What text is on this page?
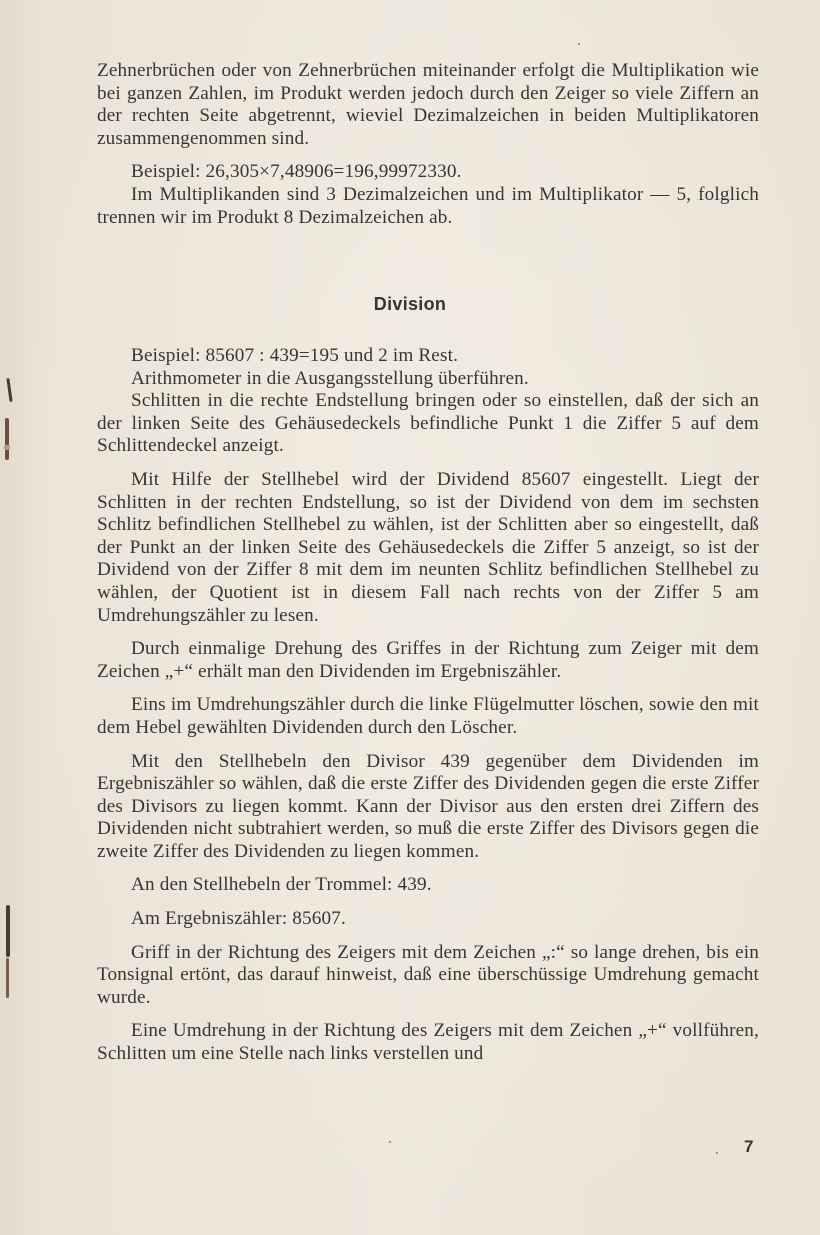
Zehnerbrüchen oder von Zehnerbrüchen miteinander erfolgt die Multiplikation wie bei ganzen Zahlen, im Produkt werden jedoch durch den Zeiger so viele Ziffern an der rechten Seite abgetrennt, wieviel Dezimalzeichen in beiden Multiplikatoren zusammengenommen sind.

Beispiel: 26,305×7,48906=196,99972330.

Im Multiplikanden sind 3 Dezimalzeichen und im Multiplikator — 5, folglich trennen wir im Produkt 8 Dezimalzeichen ab.

Division

Beispiel: 85607 : 439=195 und 2 im Rest.

Arithmometer in die Ausgangsstellung überführen.

Schlitten in die rechte Endstellung bringen oder so einstellen, daß der sich an der linken Seite des Gehäusedeckels befindliche Punkt 1 die Ziffer 5 auf dem Schlittendeckel anzeigt.

Mit Hilfe der Stellhebel wird der Dividend 85607 eingestellt. Liegt der Schlitten in der rechten Endstellung, so ist der Dividend von dem im sechsten Schlitz befindlichen Stellhebel zu wählen, ist der Schlitten aber so eingestellt, daß der Punkt an der linken Seite des Gehäusedeckels die Ziffer 5 anzeigt, so ist der Dividend von der Ziffer 8 mit dem im neunten Schlitz befindlichen Stellhebel zu wählen, der Quotient ist in diesem Fall nach rechts von der Ziffer 5 am Umdrehungszähler zu lesen.

Durch einmalige Drehung des Griffes in der Richtung zum Zeiger mit dem Zeichen „+“ erhält man den Dividenden im Ergebniszähler.

Eins im Umdrehungszähler durch die linke Flügelmutter löschen, sowie den mit dem Hebel gewählten Dividenden durch den Löscher.

Mit den Stellhebeln den Divisor 439 gegenüber dem Dividenden im Ergebniszähler so wählen, daß die erste Ziffer des Dividenden gegen die erste Ziffer des Divisors zu liegen kommt. Kann der Divisor aus den ersten drei Ziffern des Dividenden nicht subtrahiert werden, so muß die erste Ziffer des Divisors gegen die zweite Ziffer des Dividenden zu liegen kommen.

An den Stellhebeln der Trommel: 439.

Am Ergebniszähler: 85607.

Griff in der Richtung des Zeigers mit dem Zeichen „:“ so lange drehen, bis ein Tonsignal ertönt, das darauf hinweist, daß eine überschüssige Umdrehung gemacht wurde.

Eine Umdrehung in der Richtung des Zeigers mit dem Zeichen „+“ vollführen, Schlitten um eine Stelle nach links verstellen und

7
